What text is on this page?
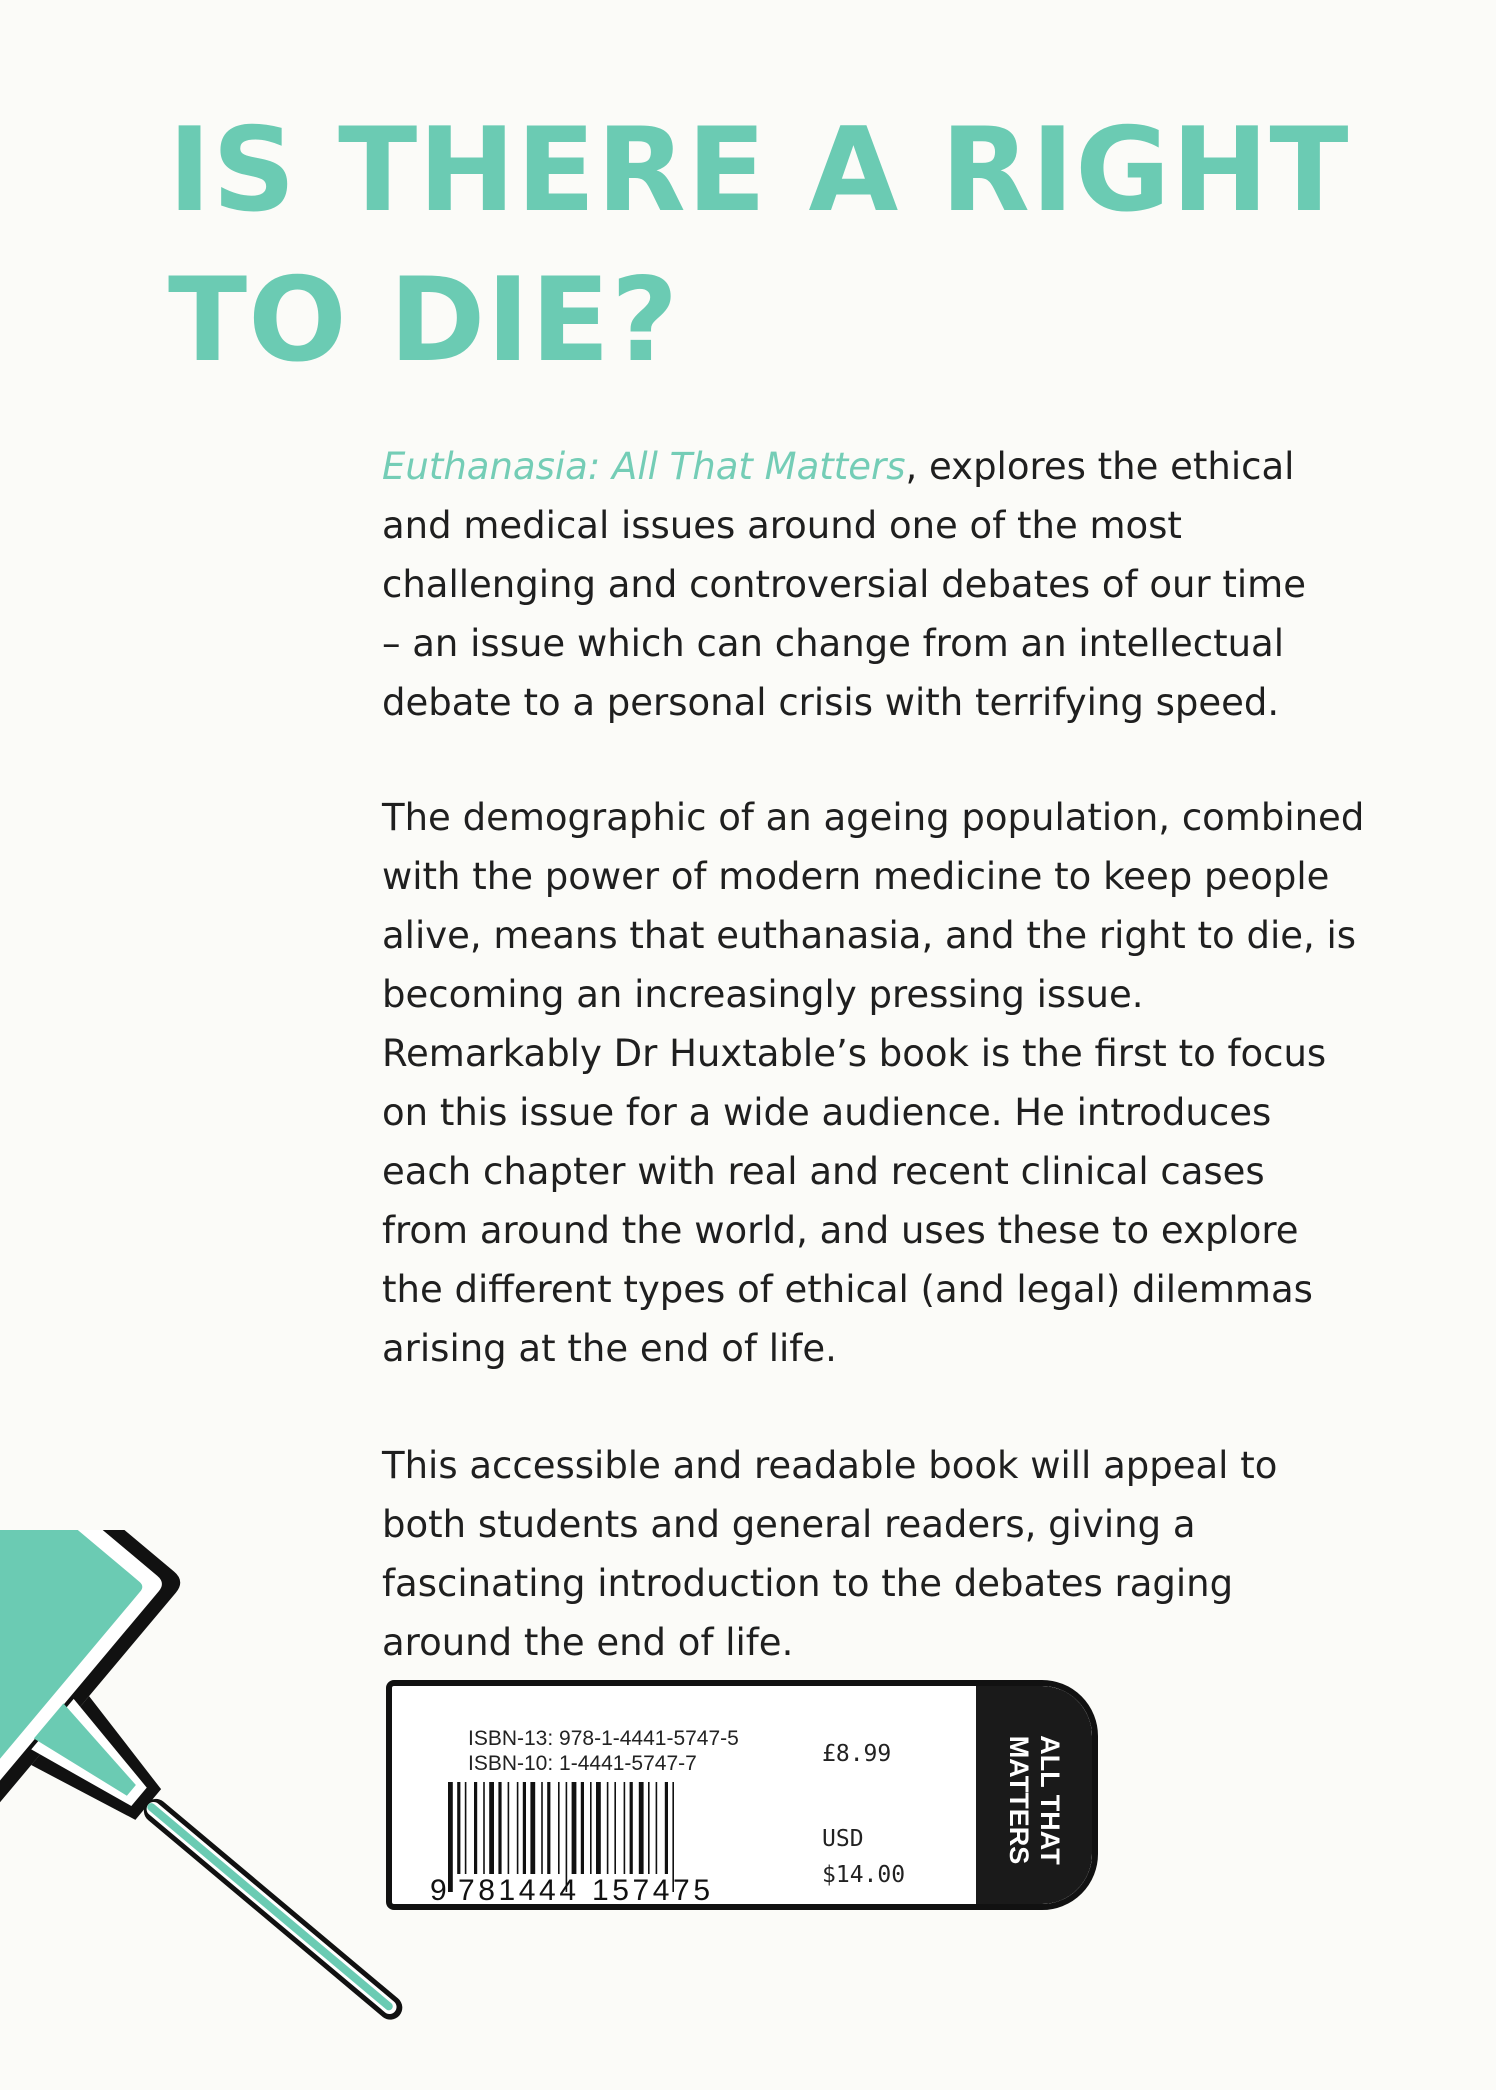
IS THERE A RIGHT
TO DIE?
Euthanasia: All That Matters, explores the ethical
and medical issues around one of the most
challenging and controversial debates of our time
– an issue which can change from an intellectual
debate to a personal crisis with terrifying speed.
The demographic of an ageing population, combined
with the power of modern medicine to keep people
alive, means that euthanasia, and the right to die, is
becoming an increasingly pressing issue.
Remarkably Dr Huxtable’s book is the first to focus
on this issue for a wide audience. He introduces
each chapter with real and recent clinical cases
from around the world, and uses these to explore
the different types of ethical (and legal) dilemmas
arising at the end of life.
This accessible and readable book will appeal to
both students and general readers, giving a
fascinating introduction to the debates raging
around the end of life.
ISBN-13: 978-1-4441-5747-5
ISBN-10: 1-4441-5747-7
9 781444 157475
£8.99
USD
$14.00
ALL THAT
MATTERS
